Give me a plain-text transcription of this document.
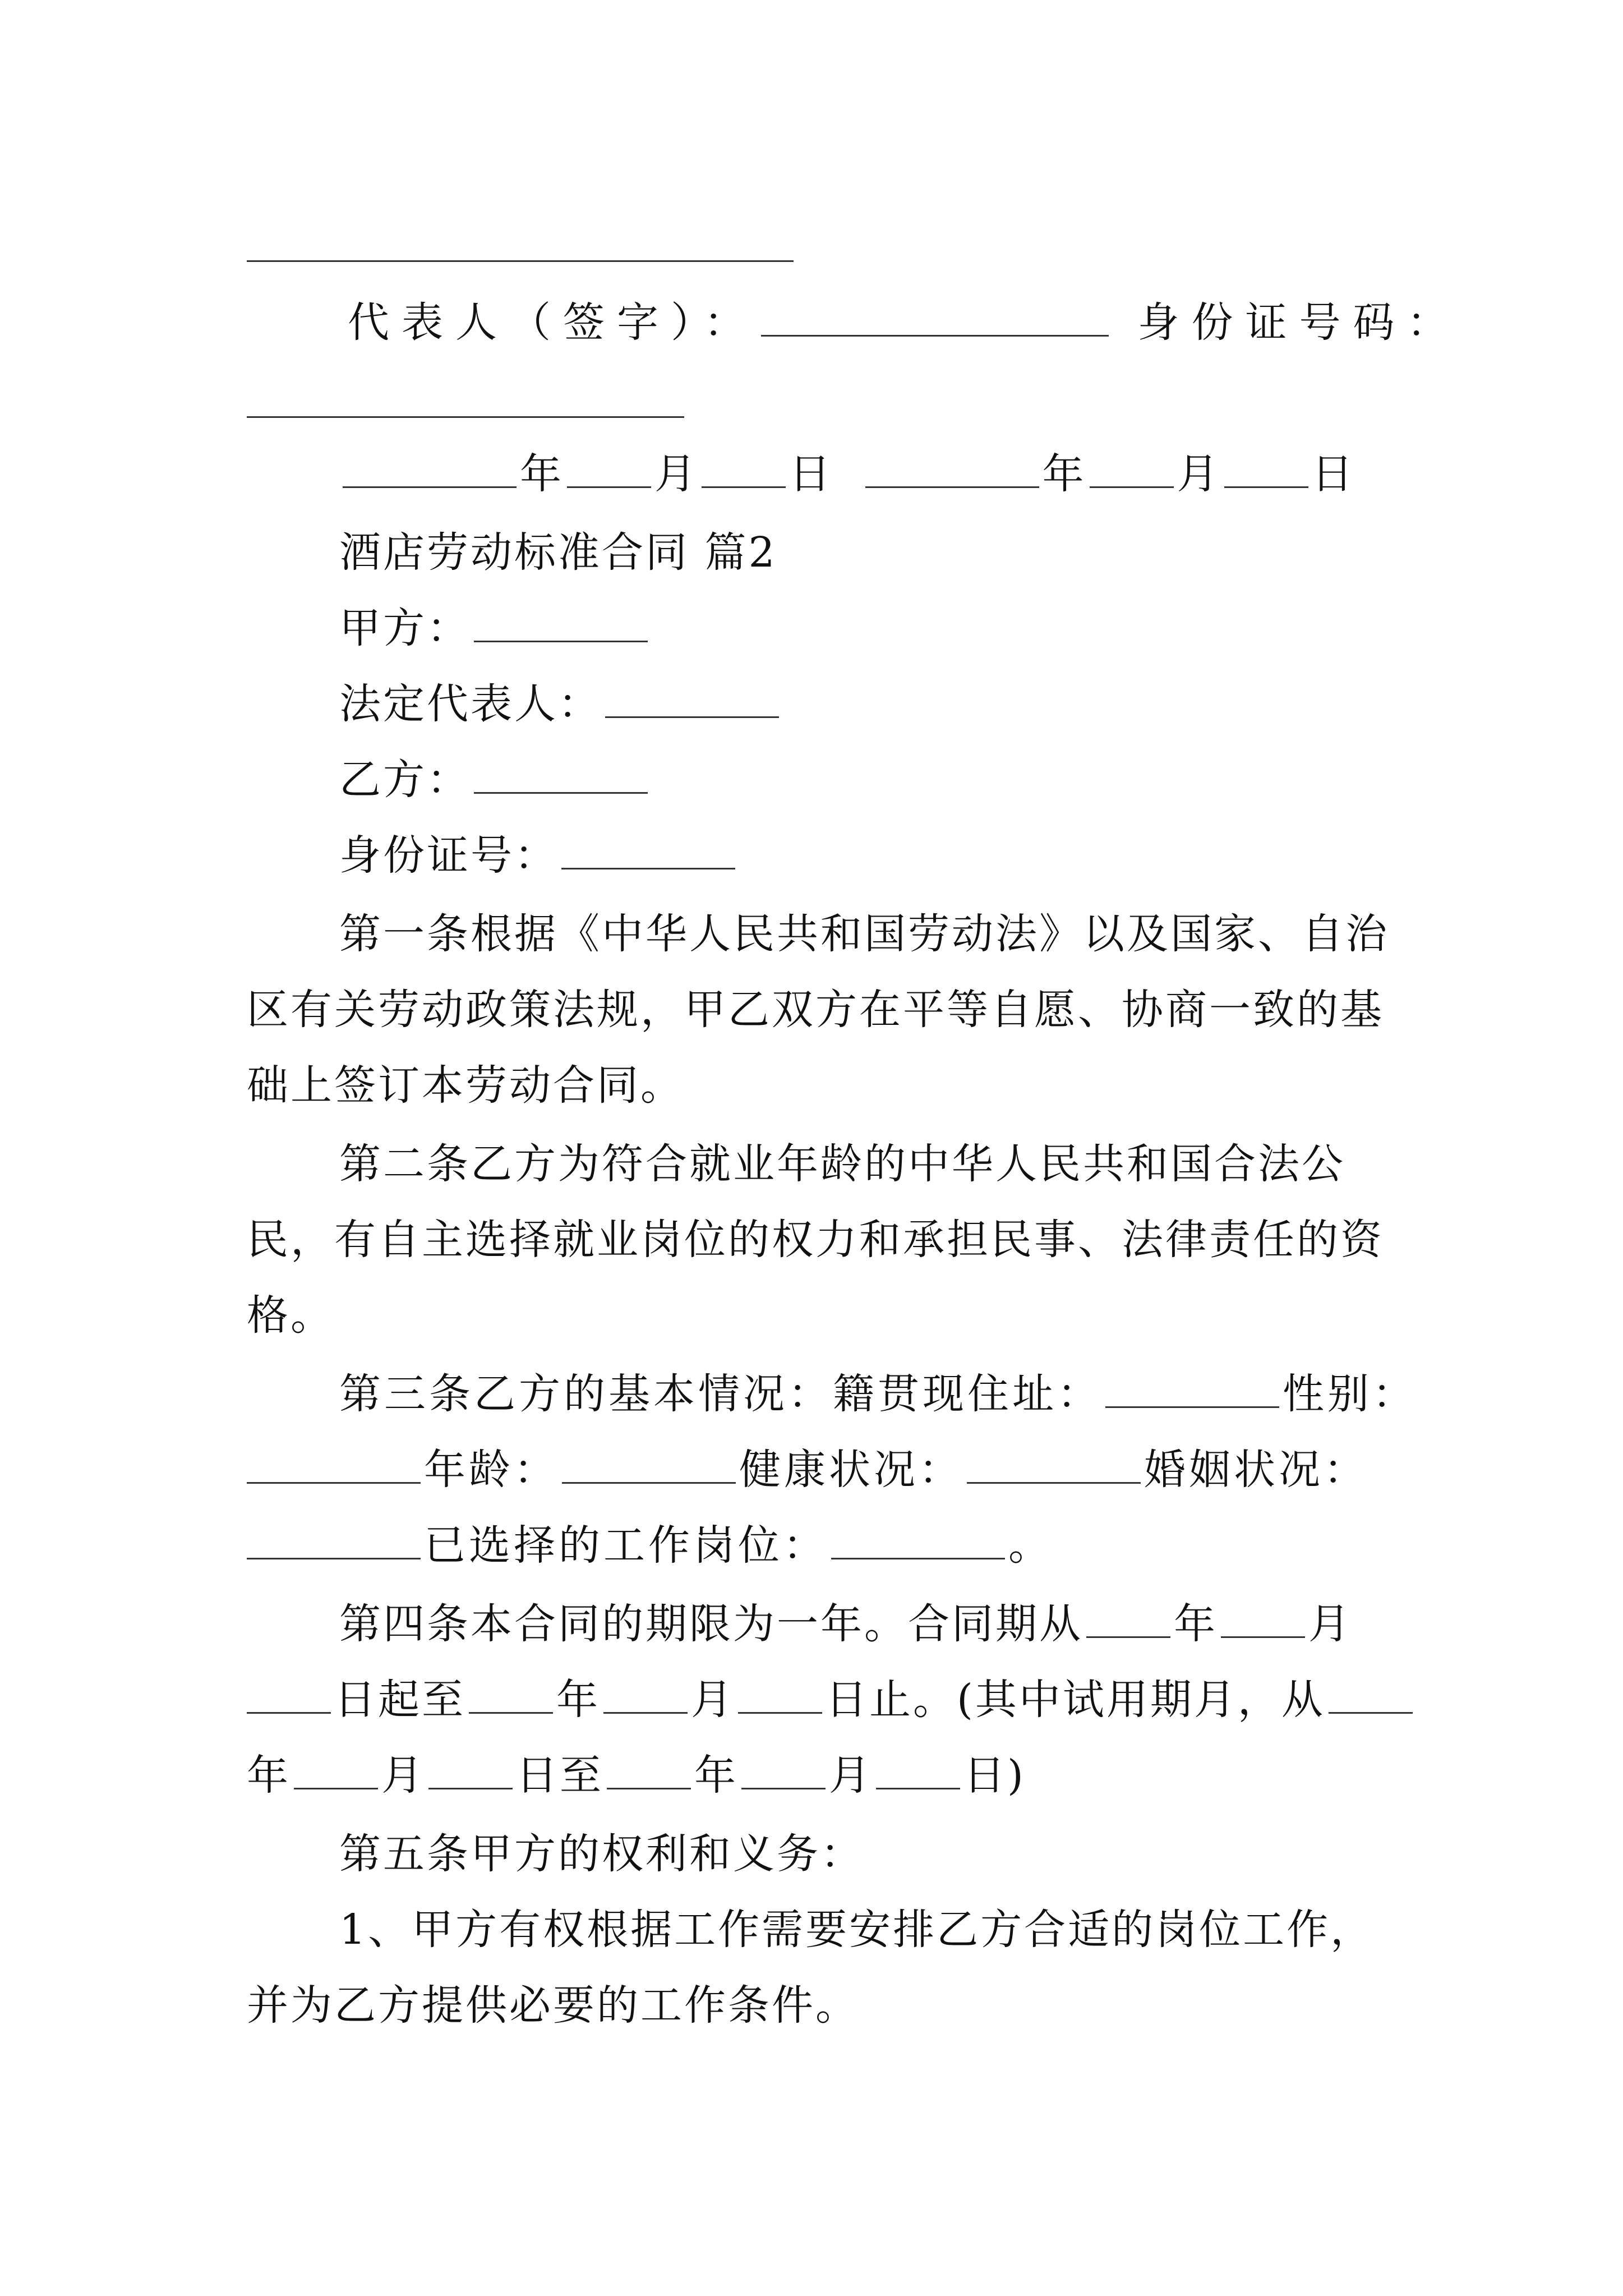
代表人（签字）：	身份证号码：
年 月 日	年 月 日
酒店劳动标准合同 篇2
甲方：
法定代表人：
乙方：
身份证号：
第一条根据《中华人民共和国劳动法》以及国家、自治
区有关劳动政策法规，甲乙双方在平等自愿、协商一致的基
础上签订本劳动合同。
第二条乙方为符合就业年龄的中华人民共和国合法公
民，有自主选择就业岗位的权力和承担民事、法律责任的资
格。
第三条乙方的基本情况：籍贯现住址：	性别：
年龄：	健康状况：	婚姻状况：
已选择的工作岗位：	。
第四条本合同的期限为一年。合同期从 年 月
日起至 年 月 日止。(其中试用期月，从
年 月 日至 年 月 日)
第五条甲方的权利和义务：
1、甲方有权根据工作需要安排乙方合适的岗位工作，
并为乙方提供必要的工作条件。
